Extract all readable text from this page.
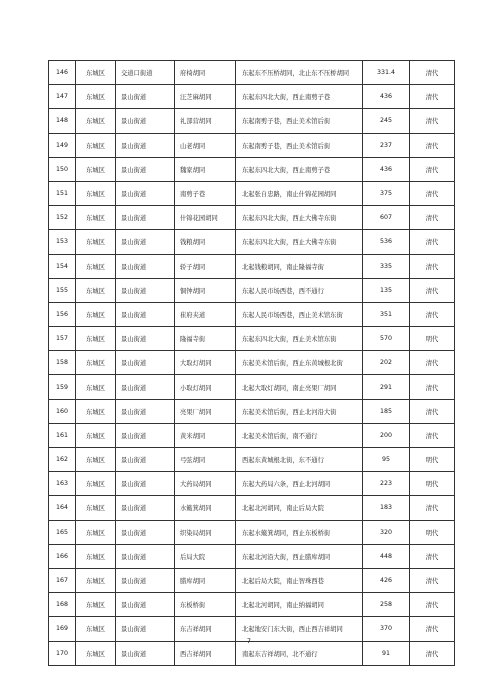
146	东城区	交道口街道	府椅胡同	东起东不压桥胡同，北止东不压桥胡同	331.4	清代
147	东城区	景山街道	汪芝麻胡同	东起东四北大街，西止南剪子巷	436	清代
148	东城区	景山街道	礼部营胡同	东起南剪子巷，西止美术馆后街	245	清代
149	东城区	景山街道	山老胡同	东起南剪子巷，西止美术馆后街	237	清代
150	东城区	景山街道	魏家胡同	东起东四北大街，西止南剪子巷	436	清代
151	东城区	景山街道	南剪子巷	北起张自忠路，南止什锦花园胡同	375	清代
152	东城区	景山街道	什锦花园胡同	东起东四北大街，西止大佛寺东街	607	清代
153	东城区	景山街道	钱粮胡同	东起东四北大街，西止大佛寺东街	536	清代
154	东城区	景山街道	轿子胡同	北起钱粮胡同，南止隆福寺街	335	清代
155	东城区	景山街道	铜钟胡同	东起人民市场西巷，西不通行	135	清代
156	东城区	景山街道	崔府夹道	东起人民市场西巷，西止美术馆东街	351	清代
157	东城区	景山街道	隆福寺街	东起东四北大街，西止美术馆东街	570	明代
158	东城区	景山街道	大取灯胡同	东起美术馆后街，西止东黄城根北街	202	清代
159	东城区	景山街道	小取灯胡同	北起大取灯胡同，南止亮果厂胡同	291	清代
160	东城区	景山街道	亮果厂胡同	东起美术馆后街，西止北河沿大街	185	清代
161	东城区	景山街道	黄米胡同	北起美术馆后街，南不通行	200	清代
162	东城区	景山街道	弓弦胡同	西起东黄城根北街，东不通行	95	明代
163	东城区	景山街道	大药局胡同	东起大药局六条，西止北河胡同	223	明代
164	东城区	景山街道	水簸箕胡同	北起北河胡同，南止后局大院	183	清代
165	东城区	景山街道	织染局胡同	东起水簸箕胡同，西止东板桥街	320	明代
166	东城区	景山街道	后局大院	东起北河沿大街，西止腊库胡同	448	清代
167	东城区	景山街道	腊库胡同	北起后局大院，南止智珠西巷	426	清代
168	东城区	景山街道	东板桥街	北起北河胡同，南止纳福胡同	258	清代
169	东城区	景山街道	东吉祥胡同	北起地安门东大街，西止西吉祥胡同	370	清代
170	东城区	景山街道	西吉祥胡同	南起东吉祥胡同，北不通行	91	清代
7
